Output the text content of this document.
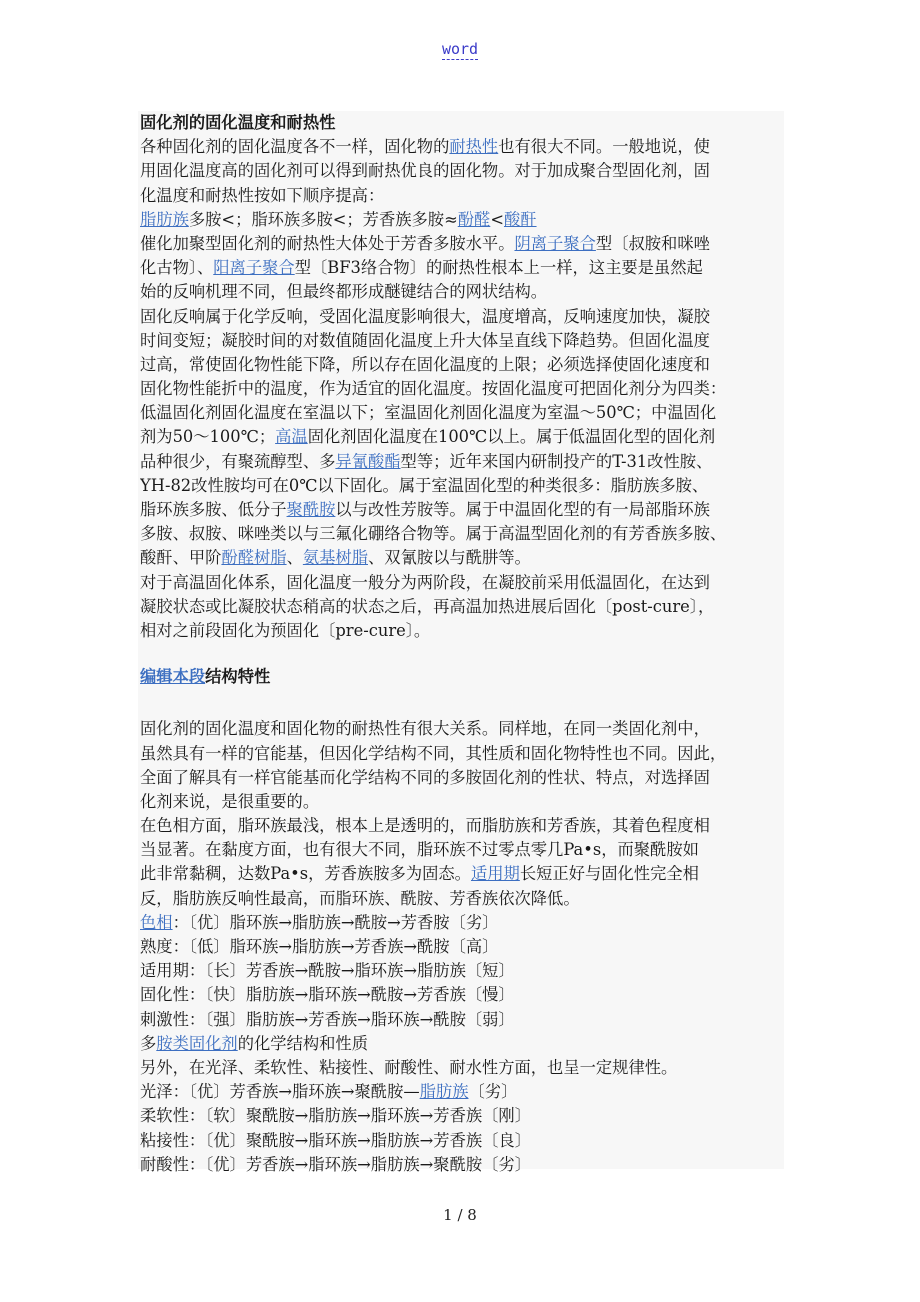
word
固化剂的固化温度和耐热性
各种固化剂的固化温度各不一样，固化物的耐热性也有很大不同。一般地说，使
用固化温度高的固化剂可以得到耐热优良的固化物。对于加成聚合型固化剂，固
化温度和耐热性按如下顺序提高：
脂肪族多胺<；脂环族多胺<；芳香族多胺≈酚醛<酸酐
催化加聚型固化剂的耐热性大体处于芳香多胺水平。阴离子聚合型〔叔胺和咪唑
化古物〕、阳离子聚合型〔BF3络合物〕的耐热性根本上一样，这主要是虽然起
始的反响机理不同，但最终都形成醚键结合的网状结构。
固化反响属于化学反响，受固化温度影响很大，温度增高，反响速度加快，凝胶
时间变短；凝胶时间的对数值随固化温度上升大体呈直线下降趋势。但固化温度
过高，常使固化物性能下降，所以存在固化温度的上限；必须选择使固化速度和
固化物性能折中的温度，作为适宜的固化温度。按固化温度可把固化剂分为四类：
低温固化剂固化温度在室温以下；室温固化剂固化温度为室温～50℃；中温固化
剂为50～100℃；高温固化剂固化温度在100℃以上。属于低温固化型的固化剂
品种很少，有聚巯醇型、多异氰酸酯型等；近年来国内研制投产的T-31改性胺、
YH-82改性胺均可在0℃以下固化。属于室温固化型的种类很多：脂肪族多胺、
脂环族多胺、低分子聚酰胺以与改性芳胺等。属于中温固化型的有一局部脂环族
多胺、叔胺、咪唑类以与三氟化硼络合物等。属于高温型固化剂的有芳香族多胺、
酸酐、甲阶酚醛树脂、氨基树脂、双氰胺以与酰肼等。
对于高温固化体系，固化温度一般分为两阶段，在凝胶前采用低温固化，在达到
凝胶状态或比凝胶状态稍高的状态之后，再高温加热进展后固化〔post-cure〕，
相对之前段固化为预固化〔pre-cure〕。
编辑本段结构特性
固化剂的固化温度和固化物的耐热性有很大关系。同样地，在同一类固化剂中，
虽然具有一样的官能基，但因化学结构不同，其性质和固化物特性也不同。因此，
全面了解具有一样官能基而化学结构不同的多胺固化剂的性状、特点，对选择固
化剂来说，是很重要的。
在色相方面，脂环族最浅，根本上是透明的，而脂肪族和芳香族，其着色程度相
当显著。在黏度方面，也有很大不同，脂环族不过零点零几Pa•s，而聚酰胺如
此非常黏稠，达数Pa•s，芳香族胺多为固态。适用期长短正好与固化性完全相
反，脂肪族反响性最高，而脂环族、酰胺、芳香族依次降低。
色相：〔优〕脂环族→脂肪族→酰胺→芳香胺〔劣〕
熟度：〔低〕脂环族→脂肪族→芳香族→酰胺〔高〕
适用期：〔长〕芳香族→酰胺→脂环族→脂肪族〔短〕
固化性：〔快〕脂肪族→脂环族→酰胺→芳香族〔慢〕
刺激性：〔强〕脂肪族→芳香族→脂环族→酰胺〔弱〕
多胺类固化剂的化学结构和性质
另外，在光泽、柔软性、粘接性、耐酸性、耐水性方面，也呈一定规律性。
光泽：〔优〕芳香族→脂环族→聚酰胺—脂肪族〔劣〕
柔软性：〔软〕聚酰胺→脂肪族→脂环族→芳香族〔刚〕
粘接性：〔优〕聚酰胺→脂环族→脂肪族→芳香族〔良〕
耐酸性：〔优〕芳香族→脂环族→脂肪族→聚酰胺〔劣〕
1 / 8
